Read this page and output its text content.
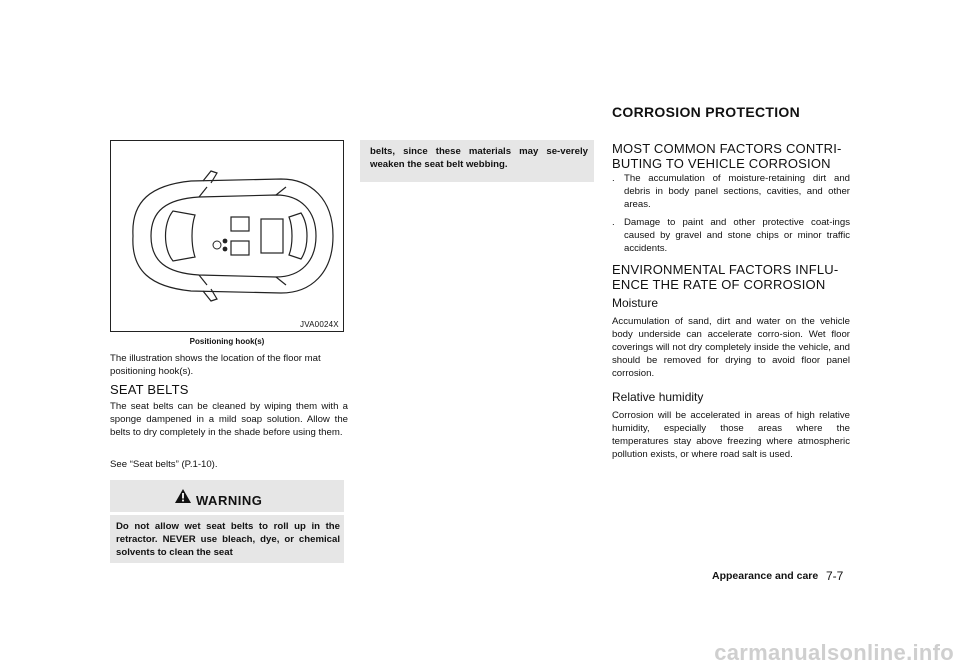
JVA0024X
Positioning hook(s)
The illustration shows the location of the floor mat positioning hook(s).
SEAT BELTS
The seat belts can be cleaned by wiping them with a sponge dampened in a mild soap solution. Allow the belts to dry completely in the shade before using them.
See “Seat belts” (P.1-10).
WARNING
Do not allow wet seat belts to roll up in the retractor. NEVER use bleach, dye, or chemical solvents to clean the seat
belts, since these materials may se-verely weaken the seat belt webbing.
CORROSION PROTECTION
MOST COMMON FACTORS CONTRI-BUTING TO VEHICLE CORROSION
. The accumulation of moisture-retaining dirt and debris in body panel sections, cavities, and other areas.
. Damage to paint and other protective coat-ings caused by gravel and stone chips or minor traffic accidents.
ENVIRONMENTAL FACTORS INFLU-ENCE THE RATE OF CORROSION
Moisture
Accumulation of sand, dirt and water on the vehicle body underside can accelerate corro-sion. Wet floor coverings will not dry completely inside the vehicle, and should be removed for drying to avoid floor panel corrosion.
Relative humidity
Corrosion will be accelerated in areas of high relative humidity, especially those areas where the temperatures stay above freezing where atmospheric pollution exists, or where road salt is used.
Appearance and care 7-7
carmanualsonline.info
